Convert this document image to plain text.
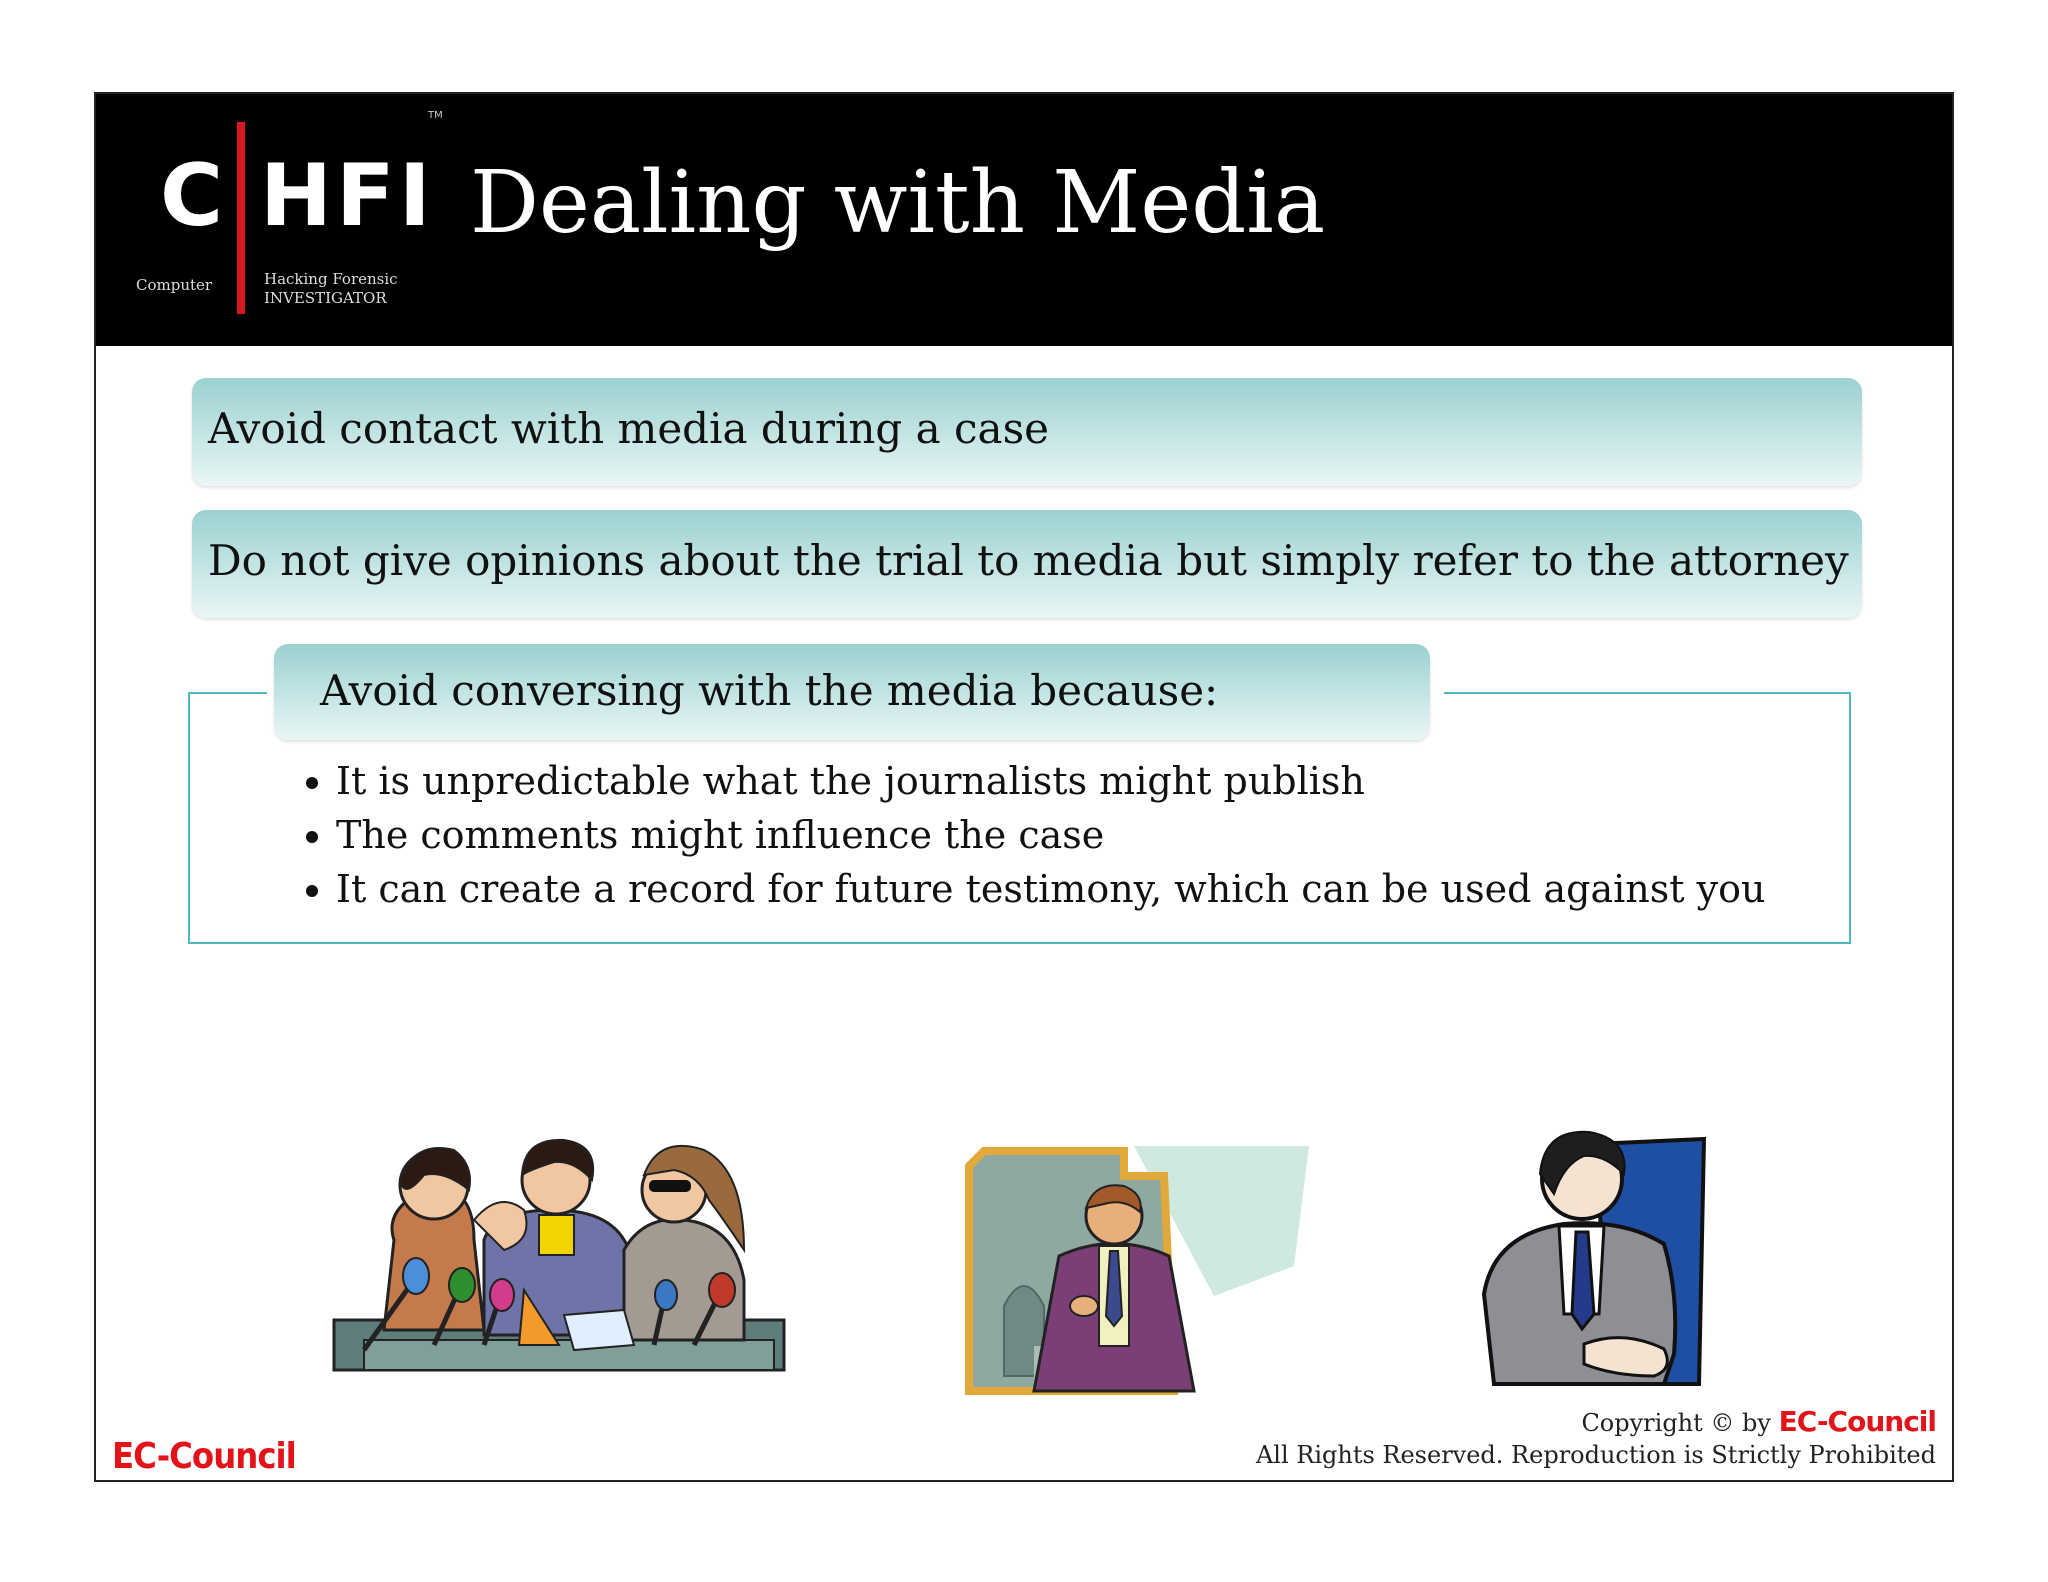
C HFI
TM
Computer	Hacking Forensic
INVESTIGATOR
Dealing with Media
Avoid contact with media during a case
Do not give opinions about the trial to media but simply refer to the attorney
Avoid conversing with the media because:
• It is unpredictable what the journalists might publish
• The comments might influence the case
• It can create a record for future testimony, which can be used against you
EC-Council
Copyright © by EC-Council
All Rights Reserved. Reproduction is Strictly Prohibited
